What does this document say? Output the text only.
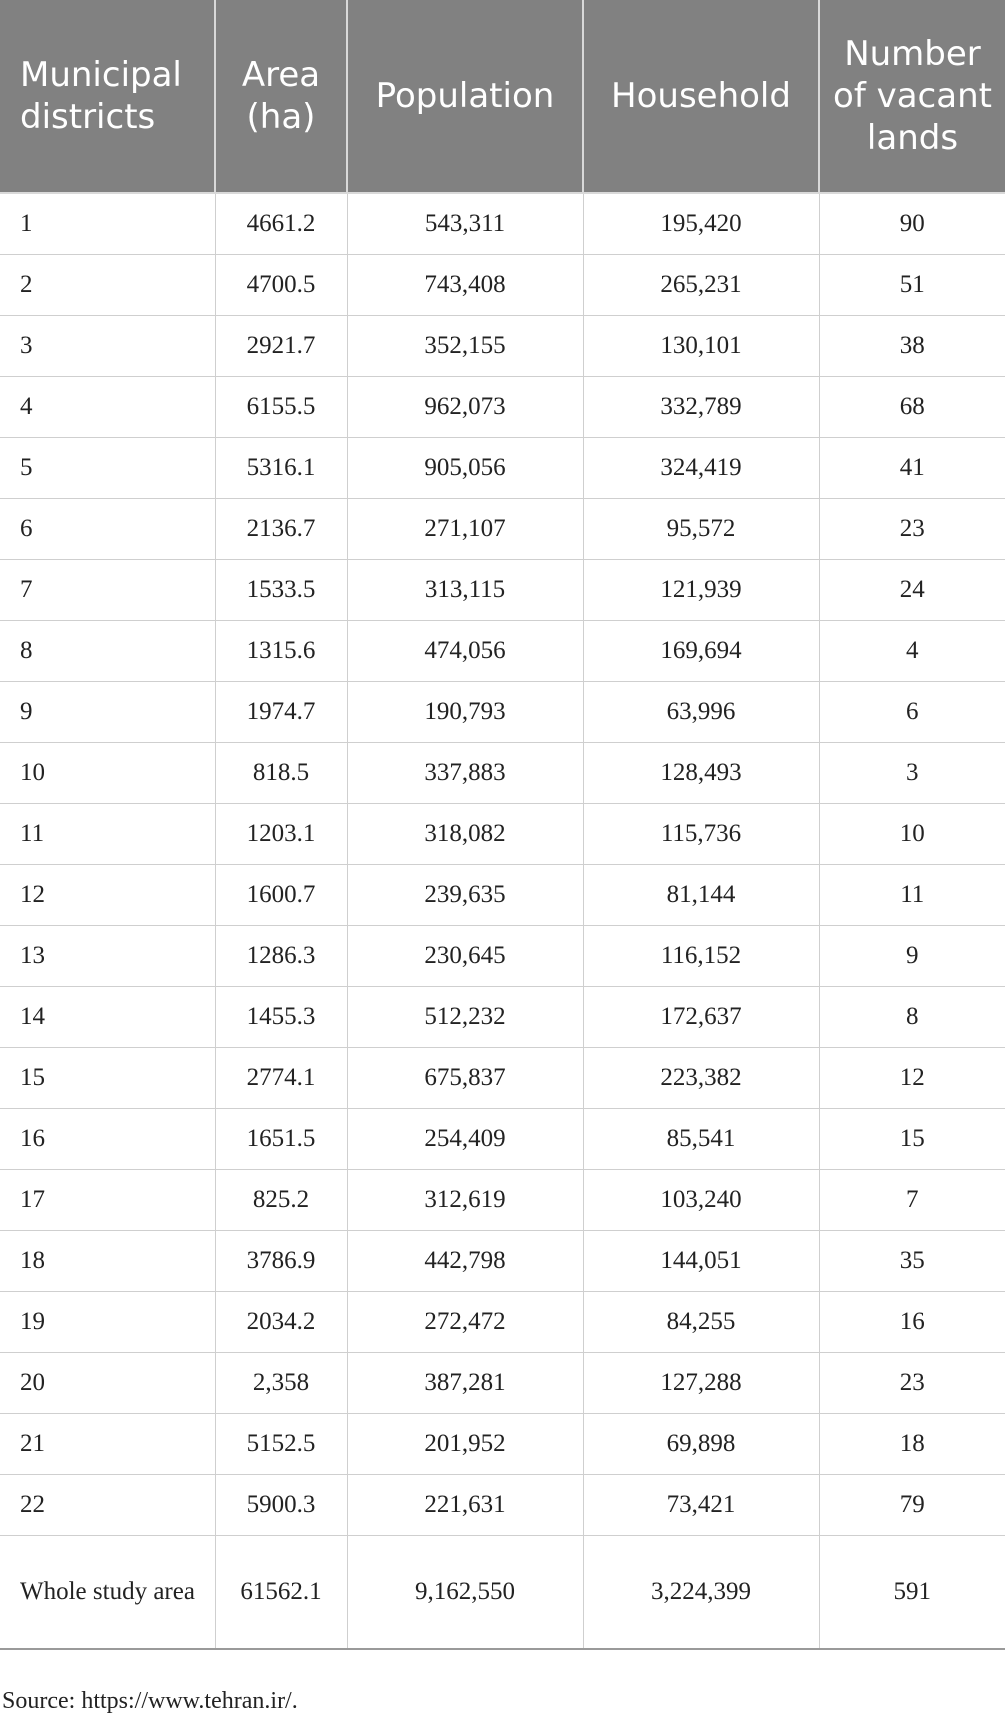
Municipal districts	Area (ha)	Population	Household	Number of vacant lands
1	4661.2	543,311	195,420	90
2	4700.5	743,408	265,231	51
3	2921.7	352,155	130,101	38
4	6155.5	962,073	332,789	68
5	5316.1	905,056	324,419	41
6	2136.7	271,107	95,572	23
7	1533.5	313,115	121,939	24
8	1315.6	474,056	169,694	4
9	1974.7	190,793	63,996	6
10	818.5	337,883	128,493	3
11	1203.1	318,082	115,736	10
12	1600.7	239,635	81,144	11
13	1286.3	230,645	116,152	9
14	1455.3	512,232	172,637	8
15	2774.1	675,837	223,382	12
16	1651.5	254,409	85,541	15
17	825.2	312,619	103,240	7
18	3786.9	442,798	144,051	35
19	2034.2	272,472	84,255	16
20	2,358	387,281	127,288	23
21	5152.5	201,952	69,898	18
22	5900.3	221,631	73,421	79
Whole study area	61562.1	9,162,550	3,224,399	591
Source: https://www.tehran.ir/.
